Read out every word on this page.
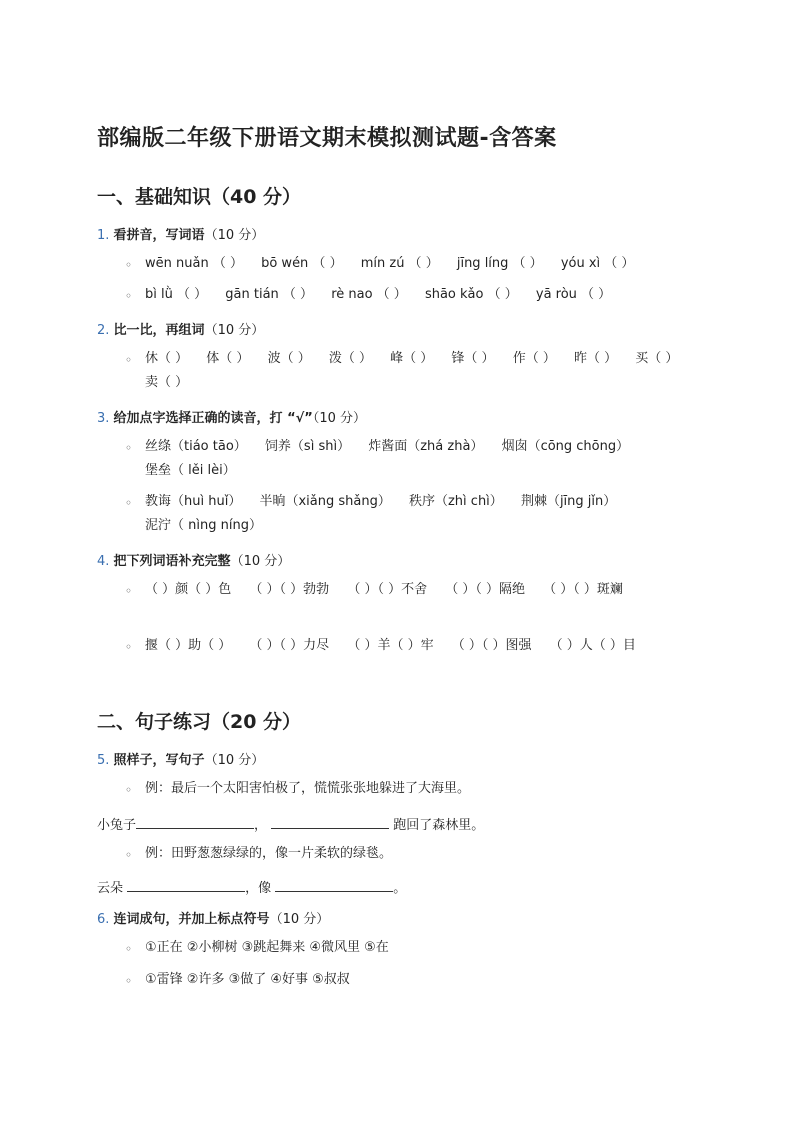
部编版二年级下册语文期末模拟测试题-含答案
一、基础知识（40 分）
1. 看拼音，写词语（10 分）
◦ wēn nuǎn （ ） bō wén （ ） mín zú （ ） jīng líng （ ） yóu xì （ ）
◦ bì lǜ （ ） gān tián （ ） rè nao （ ） shāo kǎo （ ） yā ròu （ ）
2. 比一比，再组词（10 分）
◦ 休（ ） 体（ ） 波（ ） 泼（ ） 峰（ ） 锋（ ） 作（ ） 昨（ ） 买（ ） 卖（ ）
3. 给加点字选择正确的读音，打 “√”（10 分）
◦ 丝绦（tiáo tāo） 饲养（sì shì） 炸酱面（zhá zhà） 烟囱（cōng chōng） 堡垒（ lěi lèi）
◦ 教诲（huì huǐ） 半晌（xiǎng shǎng） 秩序（zhì chì） 荆棘（jīng jǐn） 泥泞（ nìng níng）
4. 把下列词语补充完整（10 分）
◦ （ ）颜（ ）色 （ ）（ ）勃勃 （ ）（ ）不舍 （ ）（ ）隔绝 （ ）（ ）斑斓
◦ 揠（ ）助（ ） （ ）（ ）力尽 （ ）羊（ ）牢 （ ）（ ）图强 （ ）人（ ）目
二、句子练习（20 分）
5. 照样子，写句子（10 分）
◦ 例：最后一个太阳害怕极了，慌慌张张地躲进了大海里。
小兔子	，	跑回了森林里。
◦ 例：田野葱葱绿绿的，像一片柔软的绿毯。
云朵	，像	。
6. 连词成句，并加上标点符号（10 分）
◦ ①正在 ②小柳树 ③跳起舞来 ④微风里 ⑤在
◦ ①雷锋 ②许多 ③做了 ④好事 ⑤叔叔
